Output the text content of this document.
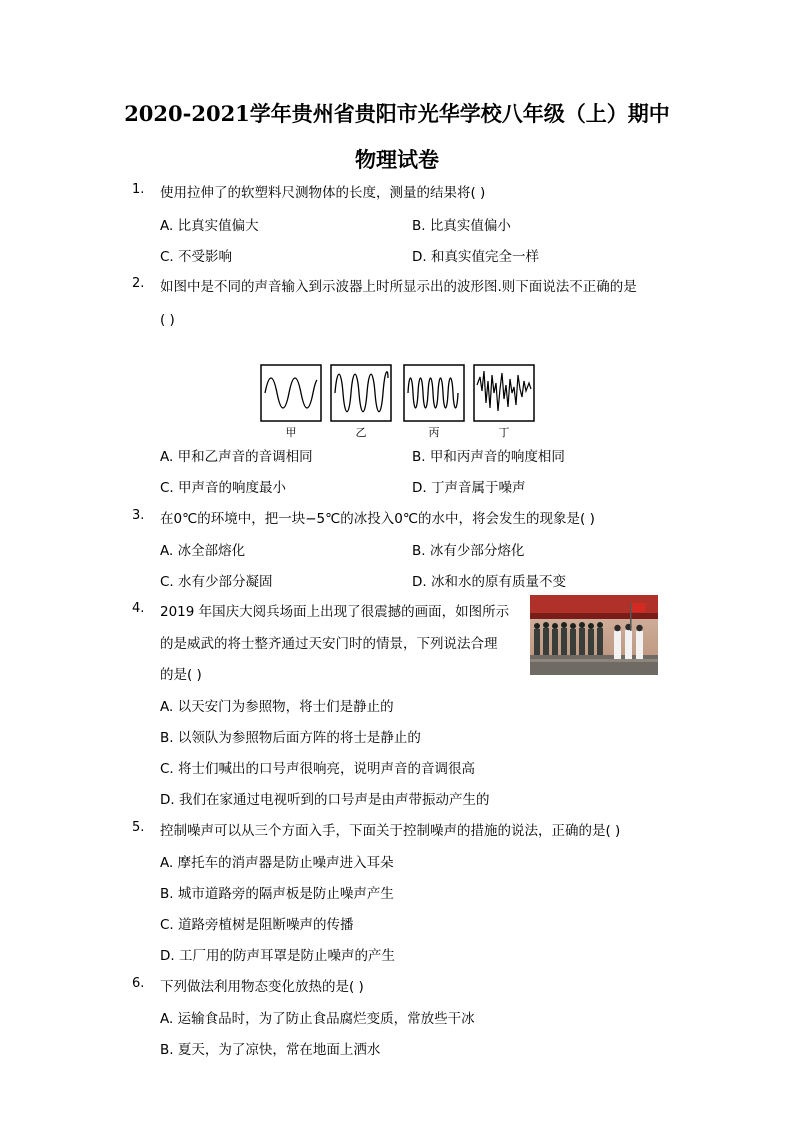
2020-2021学年贵州省贵阳市光华学校八年级（上）期中
物理试卷
1. 使用拉伸了的软塑料尺测物体的长度，测量的结果将( )
A. 比真实值偏大	B. 比真实值偏小
C. 不受影响	D. 和真实值完全一样
2. 如图中是不同的声音输入到示波器上时所显示出的波形图.则下面说法不正确的是
( )
甲	乙	丙	丁
A. 甲和乙声音的音调相同	B. 甲和丙声音的响度相同
C. 甲声音的响度最小	D. 丁声音属于噪声
3. 在0℃的环境中，把一块−5℃的冰投入0℃的水中，将会发生的现象是( )
A. 冰全部熔化	B. 冰有少部分熔化
C. 水有少部分凝固	D. 冰和水的原有质量不变
4. 2019 年国庆大阅兵场面上出现了很震撼的画面，如图所示
的是威武的将士整齐通过天安门时的情景，下列说法合理
的是( )
A. 以天安门为参照物，将士们是静止的
B. 以领队为参照物后面方阵的将士是静止的
C. 将士们喊出的口号声很响亮，说明声音的音调很高
D. 我们在家通过电视听到的口号声是由声带振动产生的
5. 控制噪声可以从三个方面入手，下面关于控制噪声的措施的说法，正确的是( )
A. 摩托车的消声器是防止噪声进入耳朵
B. 城市道路旁的隔声板是防止噪声产生
C. 道路旁植树是阻断噪声的传播
D. 工厂用的防声耳罩是防止噪声的产生
6. 下列做法利用物态变化放热的是( )
A. 运输食品时，为了防止食品腐烂变质，常放些干冰
B. 夏天，为了凉快，常在地面上洒水
